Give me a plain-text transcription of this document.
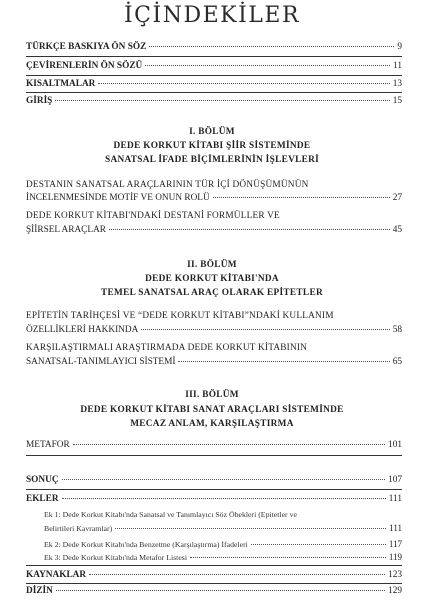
İÇİNDEKİLER
TÜRKÇE BASKIYA ÖN SÖZ	9
ÇEVİRENLERİN ÖN SÖZÜ	11
KISALTMALAR	13
GİRİŞ	15
I. BÖLÜM
DEDE KORKUT KİTABI ŞİİR SİSTEMİNDE
SANATSAL İFADE BİÇİMLERİNİN İŞLEVLERİ
DESTANIN SANATSAL ARAÇLARININ TÜR İÇİ DÖNÜŞÜMÜNÜN
İNCELENMESİNDE MOTİF VE ONUN ROLÜ	27
DEDE KORKUT KİTABI'NDAKİ DESTANİ FORMÜLLER VE
ŞİİRSEL ARAÇLAR	45
II. BÖLÜM
DEDE KORKUT KİTABI'NDA
TEMEL SANATSAL ARAÇ OLARAK EPİTETLER
EPİTETİN TARİHÇESİ VE “DEDE KORKUT KİTABI”NDAKİ KULLANIM
ÖZELLİKLERİ HAKKINDA	58
KARŞILAŞTIRMALI ARAŞTIRMADA DEDE KORKUT KİTABININ
SANATSAL-TANIMLAYICI SİSTEMİ	65
III. BÖLÜM
DEDE KORKUT KİTABI SANAT ARAÇLARI SİSTEMİNDE
MECAZ ANLAM, KARŞILAŞTIRMA
METAFOR	101
SONUÇ	107
EKLER	111
Ek 1: Dede Korkut Kitabı'nda Sanatsal ve Tanımlayıcı Söz Öbekleri (Epitetler ve
Belirtileri Kavramlar)	111
Ek 2: Dede Korkut Kitabı'nda Benzetme (Karşılaştırma) İfadeleri	117
Ek 3: Dede Korkut Kitabı'nda Metafor Listesi	119
KAYNAKLAR	123
DİZİN	129
